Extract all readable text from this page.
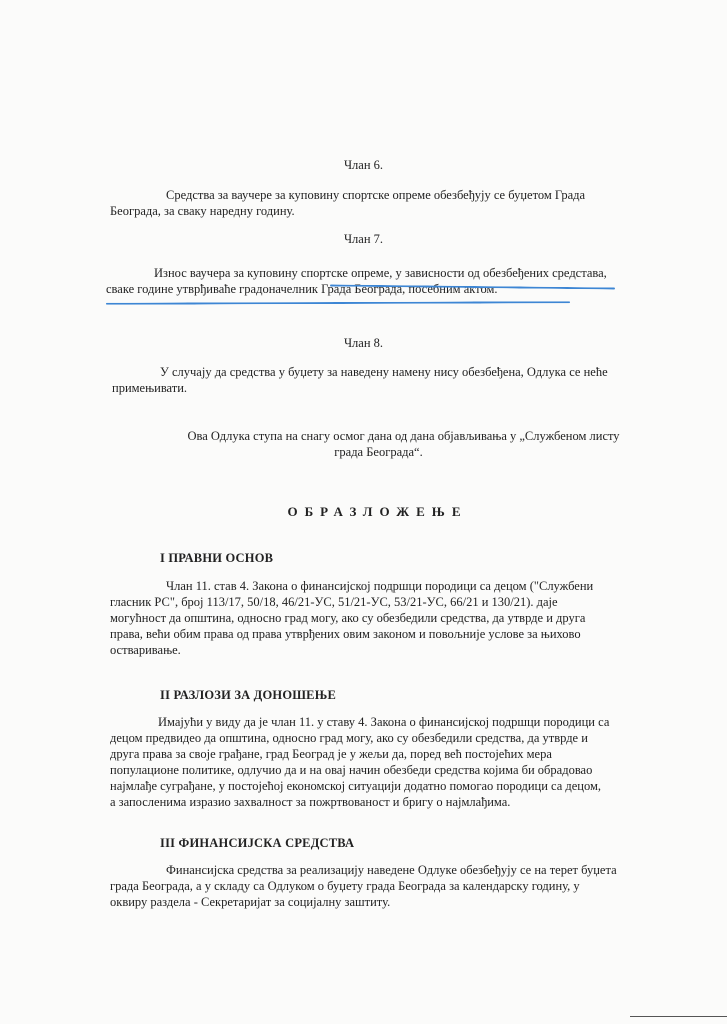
Члан 6.
Средства за ваучере за куповину спортске опреме обезбеђују се буџетом Града
Београда, за сваку наредну годину.
Члан 7.
Износ ваучера за куповину спортске опреме, у зависности од обезбеђених средстава,
сваке године утврђиваће градоначелник Града Београда, посебним актом.
Члан 8.
У случају да средства у буџету за наведену намену нису обезбеђена, Одлука се неће
примењивати.
Ова Одлука ступа на снагу осмог дана од дана објављивања у „Службеном листу
града Београда“.
ОБРАЗЛОЖЕЊЕ
I ПРАВНИ ОСНОВ
Члан 11. став 4. Закона о финансијској подршци породици са децом ("Службени
гласник РС", број 113/17, 50/18, 46/21-УС, 51/21-УС, 53/21-УС, 66/21 и 130/21). даје
могућност да општина, односно град могу, ако су обезбедили средства, да утврде и друга
права, већи обим права од права утврђених овим законом и повољније услове за њихово
остваривање.
II РАЗЛОЗИ ЗА ДОНОШЕЊЕ
Имајући у виду да је члан 11. у ставу 4. Закона о финансијској подршци породици са
децом предвидео да општина, односно град могу, ако су обезбедили средства, да утврде и
друга права за своје грађане, град Београд је у жељи да, поред већ постојећих мера
популационе политике, одлучио да и на овај начин обезбеди средства којима би обрадовао
најмлађе суграђане, у постојећој економској ситуацији додатно помогао породици са децом,
а запосленима изразио захвалност за пожртвованост и бригу о најмлађима.
III ФИНАНСИЈСКА СРЕДСТВА
Финансијска средства за реализацију наведене Одлуке обезбеђују се на терет буџета
града Београда, а у складу са Одлуком о буџету града Београда за календарску годину, у
оквиру раздела - Секретаријат за социјалну заштиту.
